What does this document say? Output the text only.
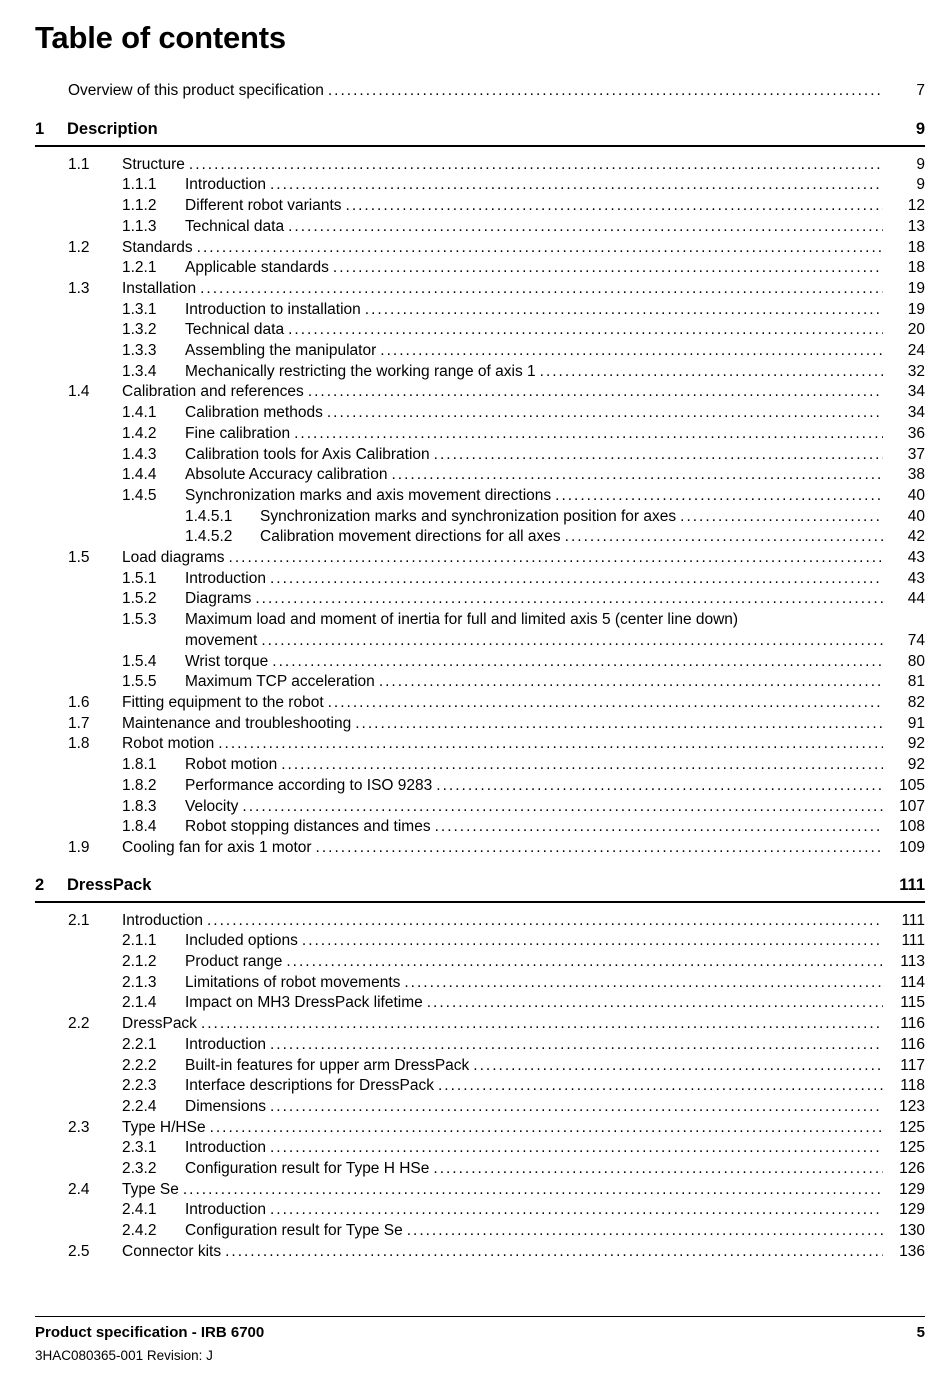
Table of contents
Overview of this product specification .....	7
1	Description	9
1.1	Structure .....	9
1.1.1	Introduction .....	9
1.1.2	Different robot variants .....	12
1.1.3	Technical data .....	13
1.2	Standards .....	18
1.2.1	Applicable standards .....	18
1.3	Installation .....	19
1.3.1	Introduction to installation .....	19
1.3.2	Technical data .....	20
1.3.3	Assembling the manipulator .....	24
1.3.4	Mechanically restricting the working range of axis 1 .....	32
1.4	Calibration and references .....	34
1.4.1	Calibration methods .....	34
1.4.2	Fine calibration .....	36
1.4.3	Calibration tools for Axis Calibration .....	37
1.4.4	Absolute Accuracy calibration .....	38
1.4.5	Synchronization marks and axis movement directions .....	40
1.4.5.1	Synchronization marks and synchronization position for axes .....	40
1.4.5.2	Calibration movement directions for all axes .....	42
1.5	Load diagrams .....	43
1.5.1	Introduction .....	43
1.5.2	Diagrams .....	44
1.5.3	Maximum load and moment of inertia for full and limited axis 5 (center line down)
movement .....	74
1.5.4	Wrist torque .....	80
1.5.5	Maximum TCP acceleration .....	81
1.6	Fitting equipment to the robot .....	82
1.7	Maintenance and troubleshooting .....	91
1.8	Robot motion .....	92
1.8.1	Robot motion .....	92
1.8.2	Performance according to ISO 9283 .....	105
1.8.3	Velocity .....	107
1.8.4	Robot stopping distances and times .....	108
1.9	Cooling fan for axis 1 motor .....	109
2	DressPack	111
2.1	Introduction .....	111
2.1.1	Included options .....	111
2.1.2	Product range .....	113
2.1.3	Limitations of robot movements .....	114
2.1.4	Impact on MH3 DressPack lifetime .....	115
2.2	DressPack .....	116
2.2.1	Introduction .....	116
2.2.2	Built-in features for upper arm DressPack .....	117
2.2.3	Interface descriptions for DressPack .....	118
2.2.4	Dimensions .....	123
2.3	Type H/HSe .....	125
2.3.1	Introduction .....	125
2.3.2	Configuration result for Type H HSe .....	126
2.4	Type Se .....	129
2.4.1	Introduction .....	129
2.4.2	Configuration result for Type Se .....	130
2.5	Connector kits .....	136
Product specification - IRB 6700	5
3HAC080365-001 Revision: J
